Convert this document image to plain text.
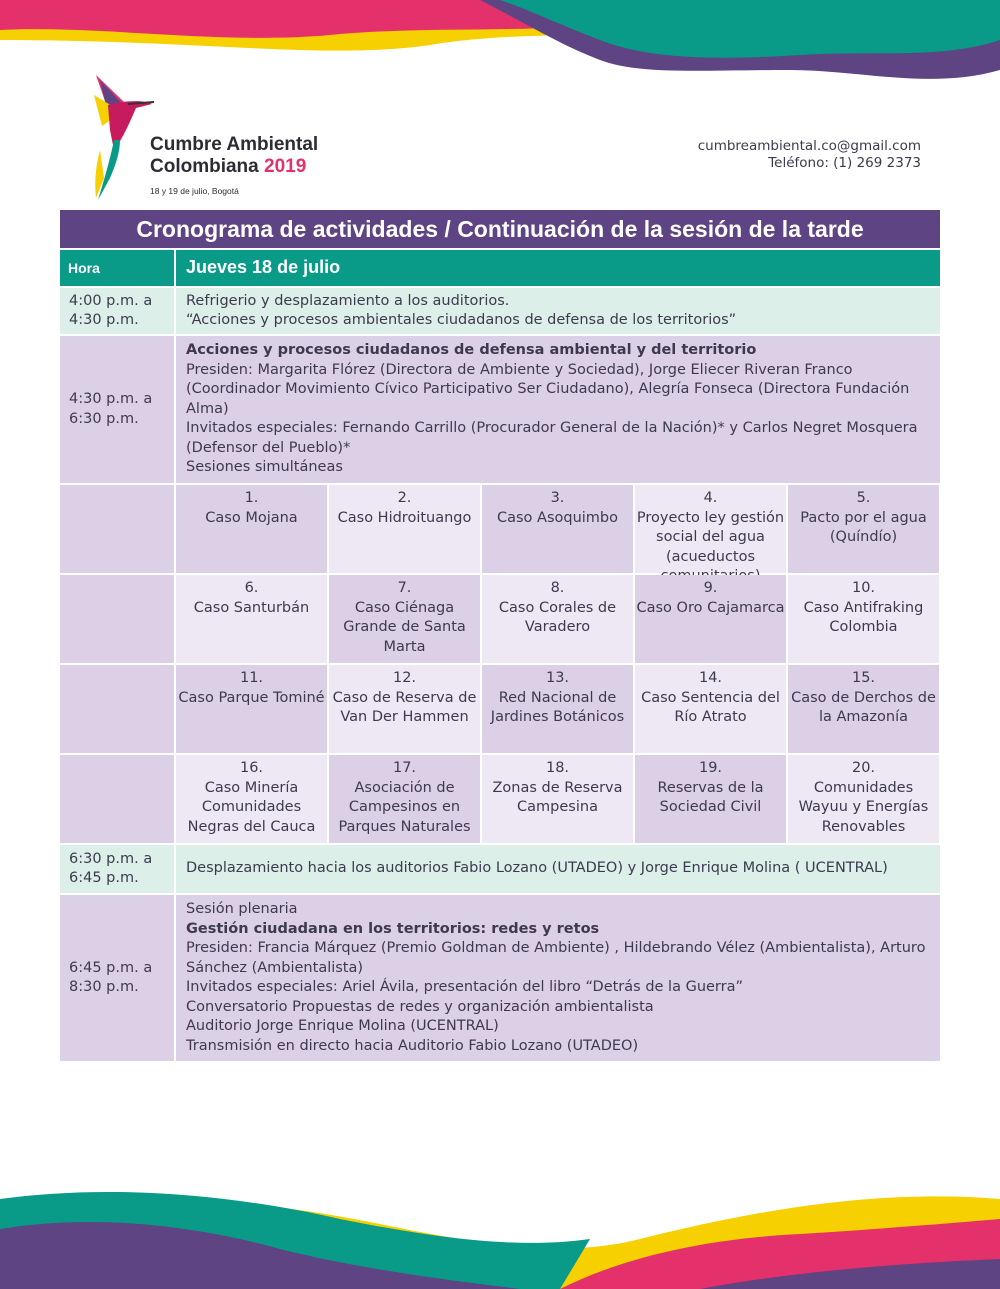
Cumbre Ambiental
Colombiana 2019
18 y 19 de julio, Bogotá
cumbreambiental.co@gmail.com
Teléfono: (1) 269 2373
Cronograma de actividades / Continuación de la sesión de la tarde
Hora	Jueves 18 de julio
4:00 p.m. a 4:30 p.m.
Refrigerio y desplazamiento a los auditorios.
“Acciones y procesos ambientales ciudadanos de defensa de los territorios”
4:30 p.m. a 6:30 p.m.
Acciones y procesos ciudadanos de defensa ambiental y del territorio
Presiden: Margarita Flórez (Directora de Ambiente y Sociedad), Jorge Eliecer Riveran Franco (Coordinador Movimiento Cívico Participativo Ser Ciudadano), Alegría Fonseca (Directora Fundación Alma)
Invitados especiales: Fernando Carrillo (Procurador General de la Nación)* y Carlos Negret Mosquera (Defensor del Pueblo)*
Sesiones simultáneas
1.
Caso Mojana
2.
Caso Hidroituango
3.
Caso Asoquimbo
4.
Proyecto ley gestión social del agua (acueductos
5.
Pacto por el agua (Quíndío)
6.
Caso Santurbán
7.
Caso Ciénaga Grande de Santa Marta
8.
Caso Corales de Varadero
9.
Caso Oro Cajamarca
10.
Caso Antifraking Colombia
11.
Caso Parque Tominé
12.
Caso de Reserva de Van Der Hammen
13.
Red Nacional de Jardines Botánicos
14.
Caso Sentencia del Río Atrato
15.
Caso de Derchos de la Amazonía
16.
Caso Minería Comunidades Negras del Cauca
17.
Asociación de Campesinos en Parques Naturales
18.
Zonas de Reserva Campesina
19.
Reservas de la Sociedad Civil
20.
Comunidades Wayuu y Energías Renovables
6:30 p.m. a 6:45 p.m.
Desplazamiento hacia los auditorios Fabio Lozano (UTADEO) y Jorge Enrique Molina ( UCENTRAL)
6:45 p.m. a 8:30 p.m.
Sesión plenaria
Gestión ciudadana en los territorios: redes y retos
Presiden: Francia Márquez (Premio Goldman de Ambiente) , Hildebrando Vélez (Ambientalista), Arturo Sánchez (Ambientalista)
Invitados especiales: Ariel Ávila, presentación del libro “Detrás de la Guerra”
Conversatorio Propuestas de redes y organización ambientalista
Auditorio Jorge Enrique Molina (UCENTRAL)
Transmisión en directo hacia Auditorio Fabio Lozano (UTADEO)
